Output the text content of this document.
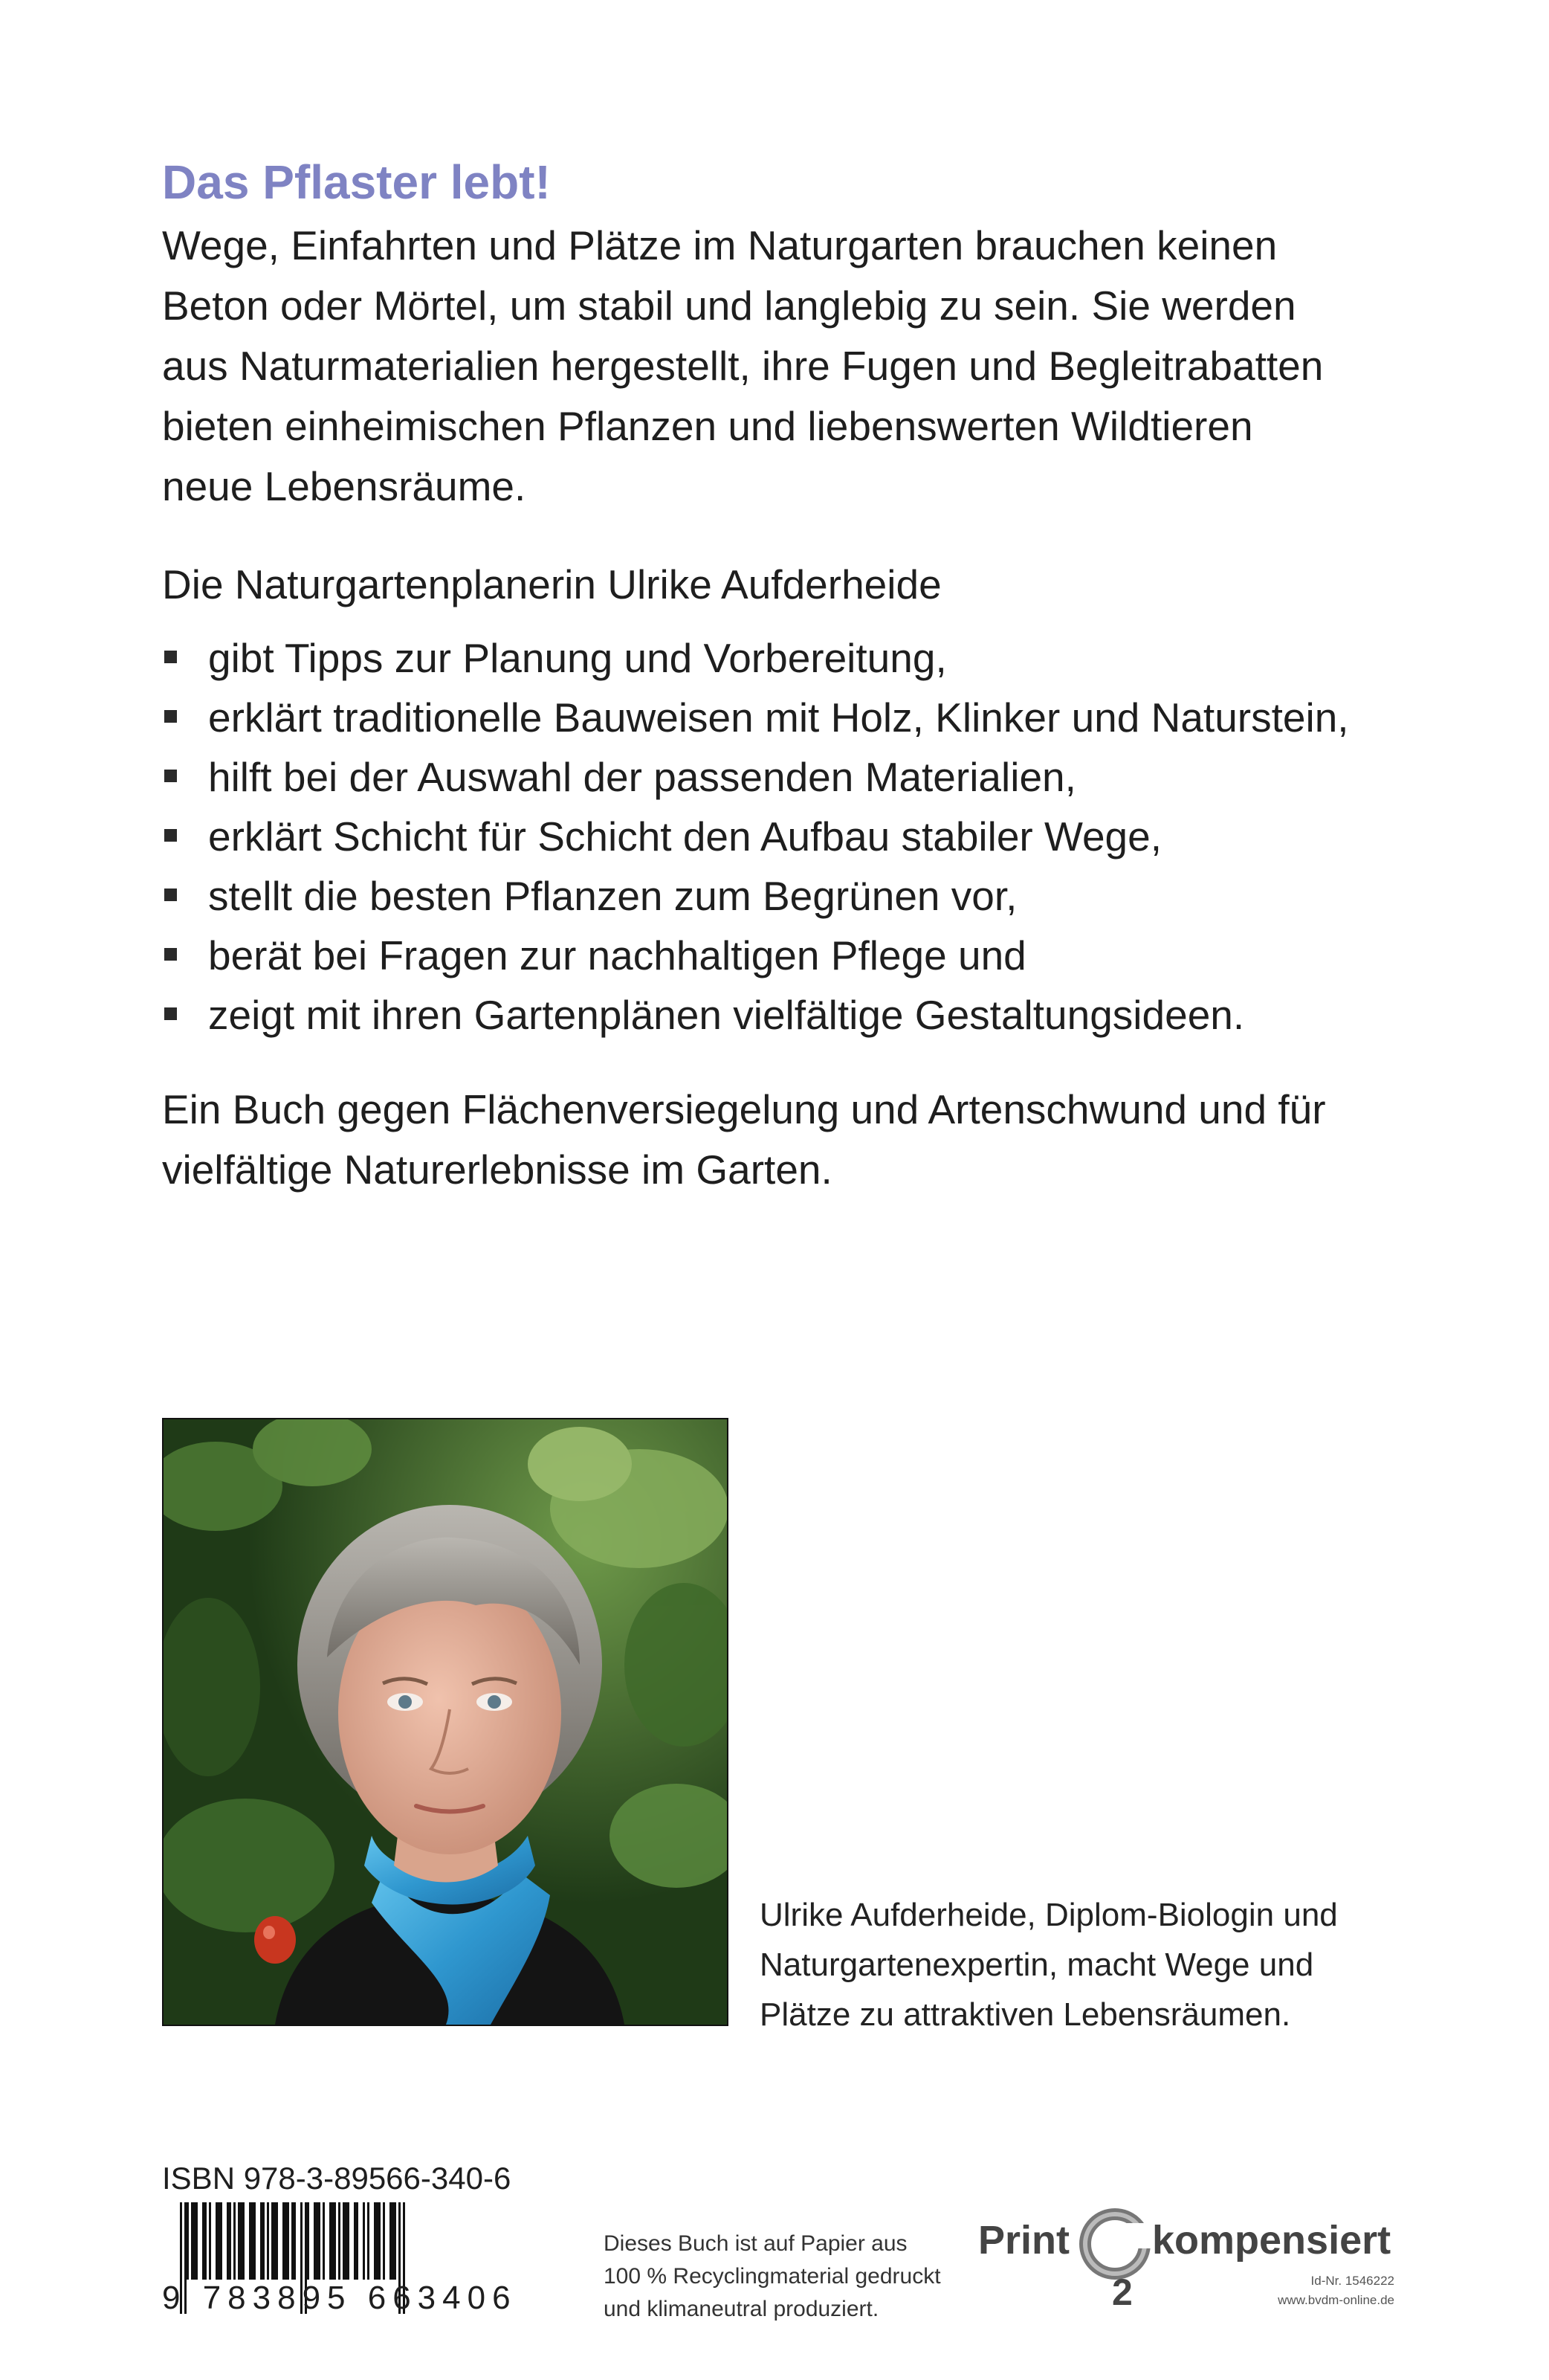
Das Pflaster lebt!

Wege, Einfahrten und Plätze im Naturgarten brauchen keinen
Beton oder Mörtel, um stabil und langlebig zu sein. Sie werden
aus Naturmaterialien hergestellt, ihre Fugen und Begleitrabatten
bieten einheimischen Pflanzen und liebenswerten Wildtieren
neue Lebensräume.

Die Naturgartenplanerin Ulrike Aufderheide

gibt Tipps zur Planung und Vorbereitung,
erklärt traditionelle Bauweisen mit Holz, Klinker und Naturstein,
hilft bei der Auswahl der passenden Materialien,
erklärt Schicht für Schicht den Aufbau stabiler Wege,
stellt die besten Pflanzen zum Begrünen vor,
berät bei Fragen zur nachhaltigen Pflege und
zeigt mit ihren Gartenplänen vielfältige Gestaltungsideen.

Ein Buch gegen Flächenversiegelung und Artenschwund und für
vielfältige Naturerlebnisse im Garten.

Ulrike Aufderheide, Diplom-Biologin und
Naturgartenexpertin, macht Wege und
Plätze zu attraktiven Lebensräumen.

ISBN 978-3-89566-340-6

9 783895 663406

Dieses Buch ist auf Papier aus
100 % Recyclingmaterial gedruckt
und klimaneutral produziert.

Print
2
kompensiert
Id-Nr. 1546222
www.bvdm-online.de
